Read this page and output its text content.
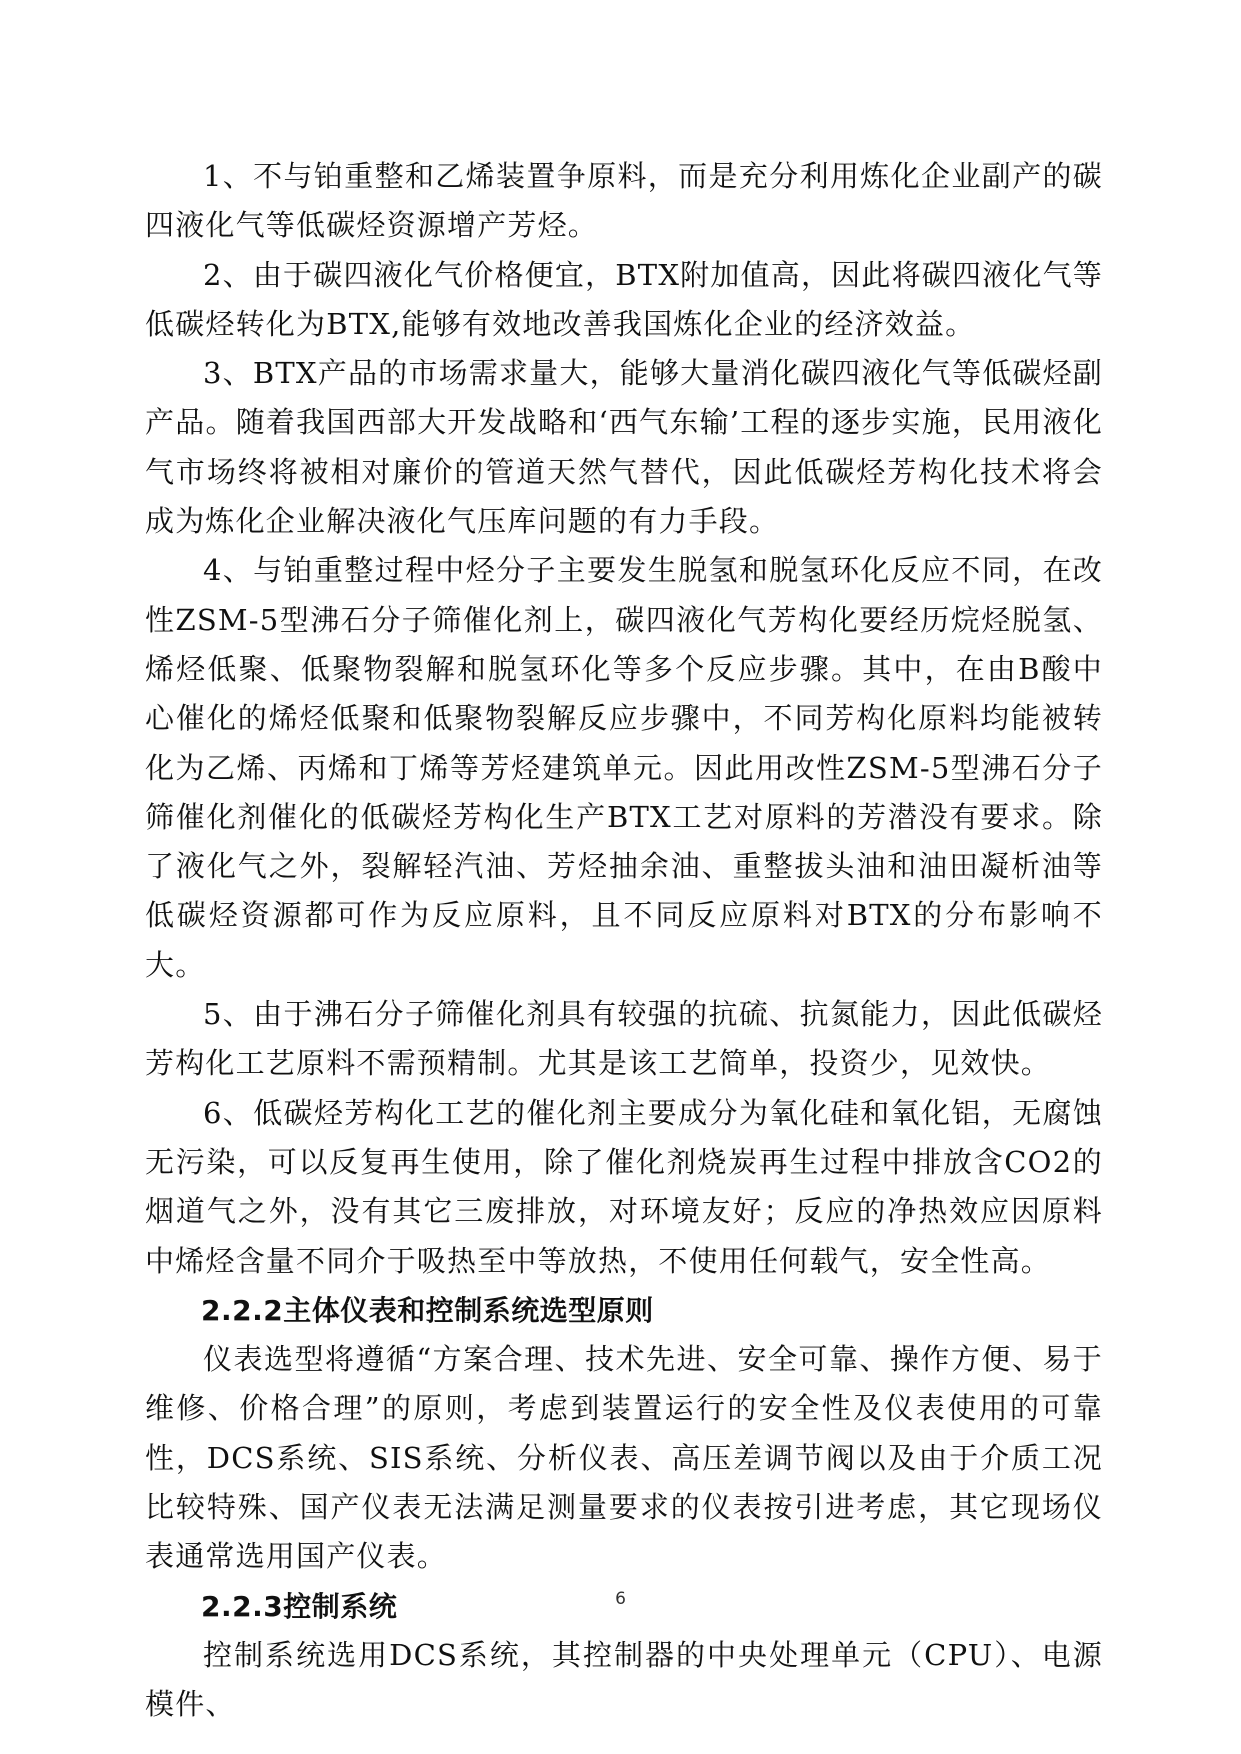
1、不与铂重整和乙烯装置争原料，而是充分利用炼化企业副产的碳四液化气等低碳烃资源增产芳烃。

2、由于碳四液化气价格便宜，BTX附加值高，因此将碳四液化气等低碳烃转化为BTX,能够有效地改善我国炼化企业的经济效益。

3、BTX产品的市场需求量大，能够大量消化碳四液化气等低碳烃副产品。随着我国西部大开发战略和‘西气东输’工程的逐步实施，民用液化气市场终将被相对廉价的管道天然气替代，因此低碳烃芳构化技术将会成为炼化企业解决液化气压库问题的有力手段。

4、与铂重整过程中烃分子主要发生脱氢和脱氢环化反应不同，在改性ZSM-5型沸石分子筛催化剂上，碳四液化气芳构化要经历烷烃脱氢、烯烃低聚、低聚物裂解和脱氢环化等多个反应步骤。其中，在由B酸中心催化的烯烃低聚和低聚物裂解反应步骤中，不同芳构化原料均能被转化为乙烯、丙烯和丁烯等芳烃建筑单元。因此用改性ZSM-5型沸石分子筛催化剂催化的低碳烃芳构化生产BTX工艺对原料的芳潜没有要求。除了液化气之外，裂解轻汽油、芳烃抽余油、重整拔头油和油田凝析油等低碳烃资源都可作为反应原料，且不同反应原料对BTX的分布影响不大。

5、由于沸石分子筛催化剂具有较强的抗硫、抗氮能力，因此低碳烃芳构化工艺原料不需预精制。尤其是该工艺简单，投资少，见效快。

6、低碳烃芳构化工艺的催化剂主要成分为氧化硅和氧化铝，无腐蚀无污染，可以反复再生使用，除了催化剂烧炭再生过程中排放含CO2的烟道气之外，没有其它三废排放，对环境友好；反应的净热效应因原料中烯烃含量不同介于吸热至中等放热，不使用任何载气，安全性高。

2.2.2主体仪表和控制系统选型原则

仪表选型将遵循“方案合理、技术先进、安全可靠、操作方便、易于维修、价格合理”的原则，考虑到装置运行的安全性及仪表使用的可靠性，DCS系统、SIS系统、分析仪表、高压差调节阀以及由于介质工况比较特殊、国产仪表无法满足测量要求的仪表按引进考虑，其它现场仪表通常选用国产仪表。

2.2.3控制系统

控制系统选用DCS系统，其控制器的中央处理单元（CPU）、电源模件、

6
